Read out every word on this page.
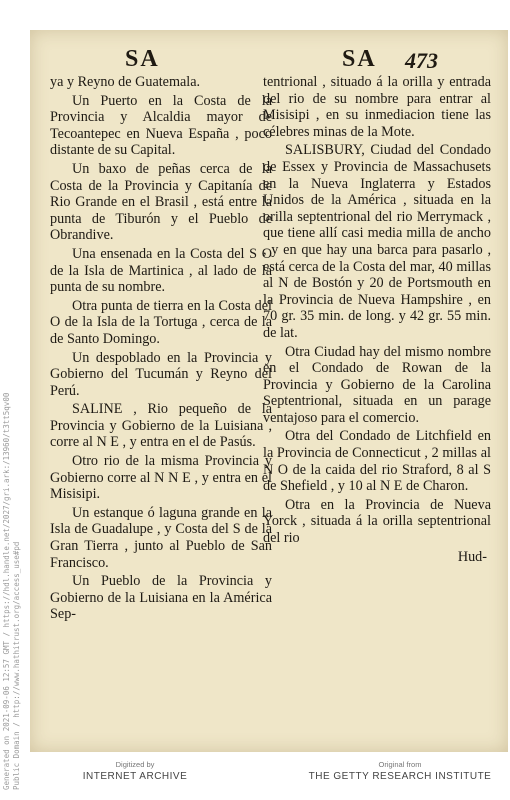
Generated on 2021-09-06 12:57 GMT / https://hdl.handle.net/2027/gri.ark:/13960/t3tt5qv00 Public Domain / http://www.hathitrust.org/access_use#pd
SA	SA 473

ya y Reyno de Guatemala.

Un Puerto en la Costa de la Provincia y Alcaldia mayor de Tecoantepec en Nueva España , poco distante de su Capital.

Un baxo de peñas cerca de la Costa de la Provincia y Capitanía de Rio Grande en el Brasil , está entre la punta de Tiburón y el Pueblo de Obrandive.

Una ensenada en la Costa del S O de la Isla de Martinica , al lado de la punta de su nombre.

Otra punta de tierra en la Costa del O de la Isla de la Tortuga , cerca de la de Santo Domingo.

Un despoblado en la Provincia y Gobierno del Tucumán y Reyno del Perú.

SALINE , Rio pequeño de la Provincia y Gobierno de la Luisiana , corre al N E , y entra en el de Pasús.

Otro rio de la misma Provincia y Gobierno corre al N N E , y entra en el Misisipi.

Un estanque ó laguna grande en la Isla de Guadalupe , y Costa del S de la Gran Tierra , junto al Pueblo de San Francisco.

Un Pueblo de la Provincia y Gobierno de la Luisiana en la América Sep-

tentrional , situado á la orilla y entrada del rio de su nombre para entrar al Misisipi , en su inmediacion tiene las célebres minas de la Mote.

SALISBURY, Ciudad del Condado de Essex y Provincia de Massachusets en la Nueva Inglaterra y Estados Unidos de la América , situada en la orilla septentrional del rio Merrymack , que tiene allí casi media milla de ancho , y en que hay una barca para pasarlo , está cerca de la Costa del mar, 40 millas al N de Bostón y 20 de Portsmouth en la Provincia de Nueva Hampshire , en 70 gr. 35 min. de long. y 42 gr. 55 min. de lat.

Otra Ciudad hay del mismo nombre en el Condado de Rowan de la Provincia y Gobierno de la Carolina Septentrional, situada en un parage ventajoso para el comercio.

Otra del Condado de Litchfield en la Provincia de Connecticut , 2 millas al N O de la caida del rio Straford, 8 al S de Shefield , y 10 al N E de Charon.

Otra en la Provincia de Nueva Yorck , situada á la orilla septentrional del rio

Hud-
Digitized by
INTERNET ARCHIVE
Original from
THE GETTY RESEARCH INSTITUTE
